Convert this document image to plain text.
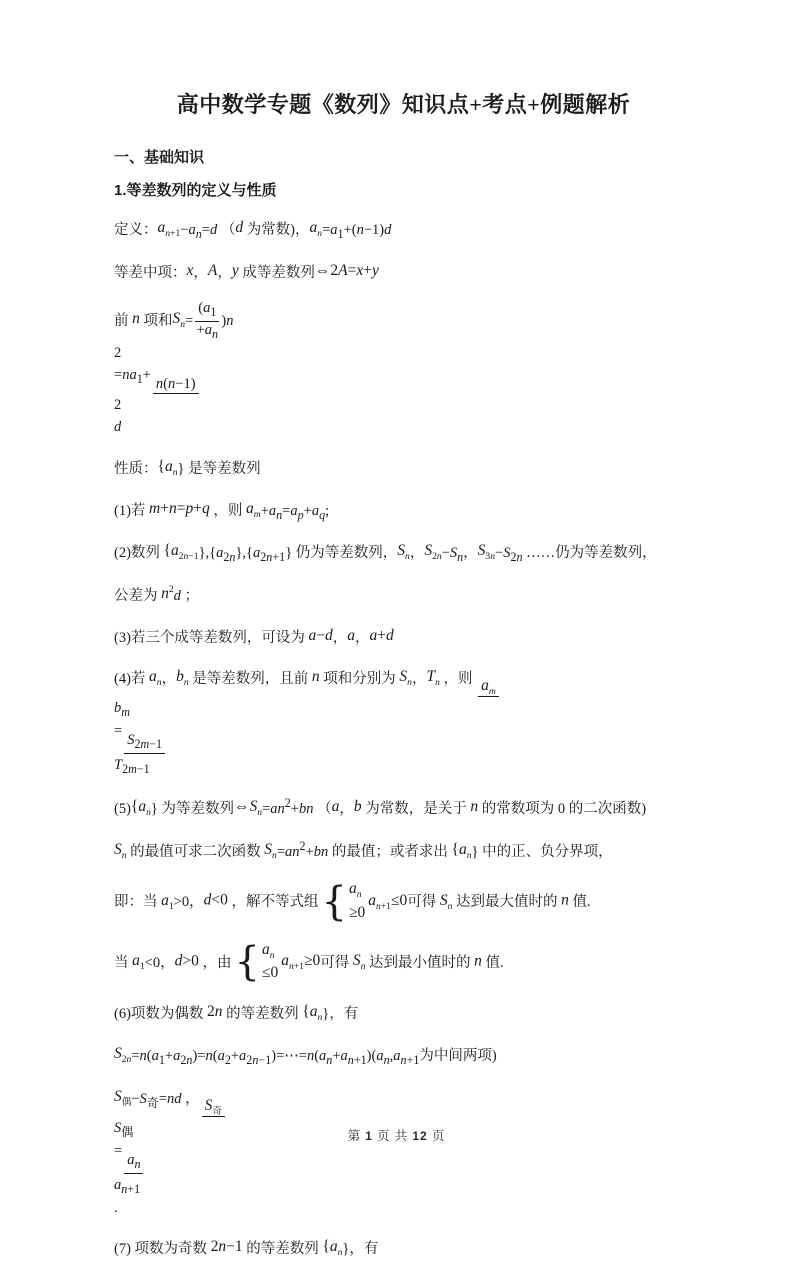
高中数学专题《数列》知识点+考点+例题解析
一、基础知识
1.等差数列的定义与性质

定义：$a_{n+1}-a_n=d$ （d 为常数)，$a_n=a_1+(n-1)d$

等差中项：x，A，y 成等差数列⇔2A=x+y

前 n 项和$S_n=$
($a_1$
$+a_n)n$
2
$=na_1+$
n(n−1)
2
d

性质：$\{a_n\}$ 是等差数列

(1)若 m+n=p+q ，则 $a_m+a_n=a_p+a_q$;

(2)数列 $\{a_{2n-1}\},\{a_{2n}\},\{a_{2n+1}\}$ 仍为等差数列，$S_n$，$S_{2n}-S_n$，$S_{3n}-S_{2n}$ ……仍为等差数列，

公差为 $n^2d$ ；

(3)若三个成等差数列，可设为 a−d，a，a+d

(4)若 $a_n$，$b_n$ 是等差数列，且前 n 项和分别为 $S_n$，$T_n$ ，则 $a_m$
$b_m$
=
$S_{2m-1}$
$T_{2m-1}$

$(5)\{a_n\}$ 为等差数列$\Leftrightarrow S_n=an^2+bn$ （a，b 为常数，是关于 n 的常数项为 0 的二次函数)

$S_n$ 的最值可求二次函数 $S_n=an^2+bn$ 的最值；或者求出 $\{a_n\}$ 中的正、负分界项，

即：当 $a_1>0$，d<0 ，解不等式组 { $a_n$
≥0
$a_{n+1}\le 0$可得 $S_n$ 达到最大值时的 n 值.

当 $a_1<0$，d>0 ，由 { $a_n$
≤0
$a_{n+1}\ge 0$可得 $S_n$ 达到最小值时的 n 值.

(6)项数为偶数 2n 的等差数列 $\{a_n\}$，有

$S_{2n}=n(a_1+a_{2n})=n(a_2+a_{2n-1})=\cdots=n(a_n+a_{n+1})(a_n,a_{n+1}$为中间两项)

$S_偶-S_奇=nd$ ， $S_奇$
$S_偶$
=
$a_n$
$a_{n+1}$
.

(7) 项数为奇数 2n−1 的等差数列 $\{a_n\}$，有

第 1 页 共 12 页
